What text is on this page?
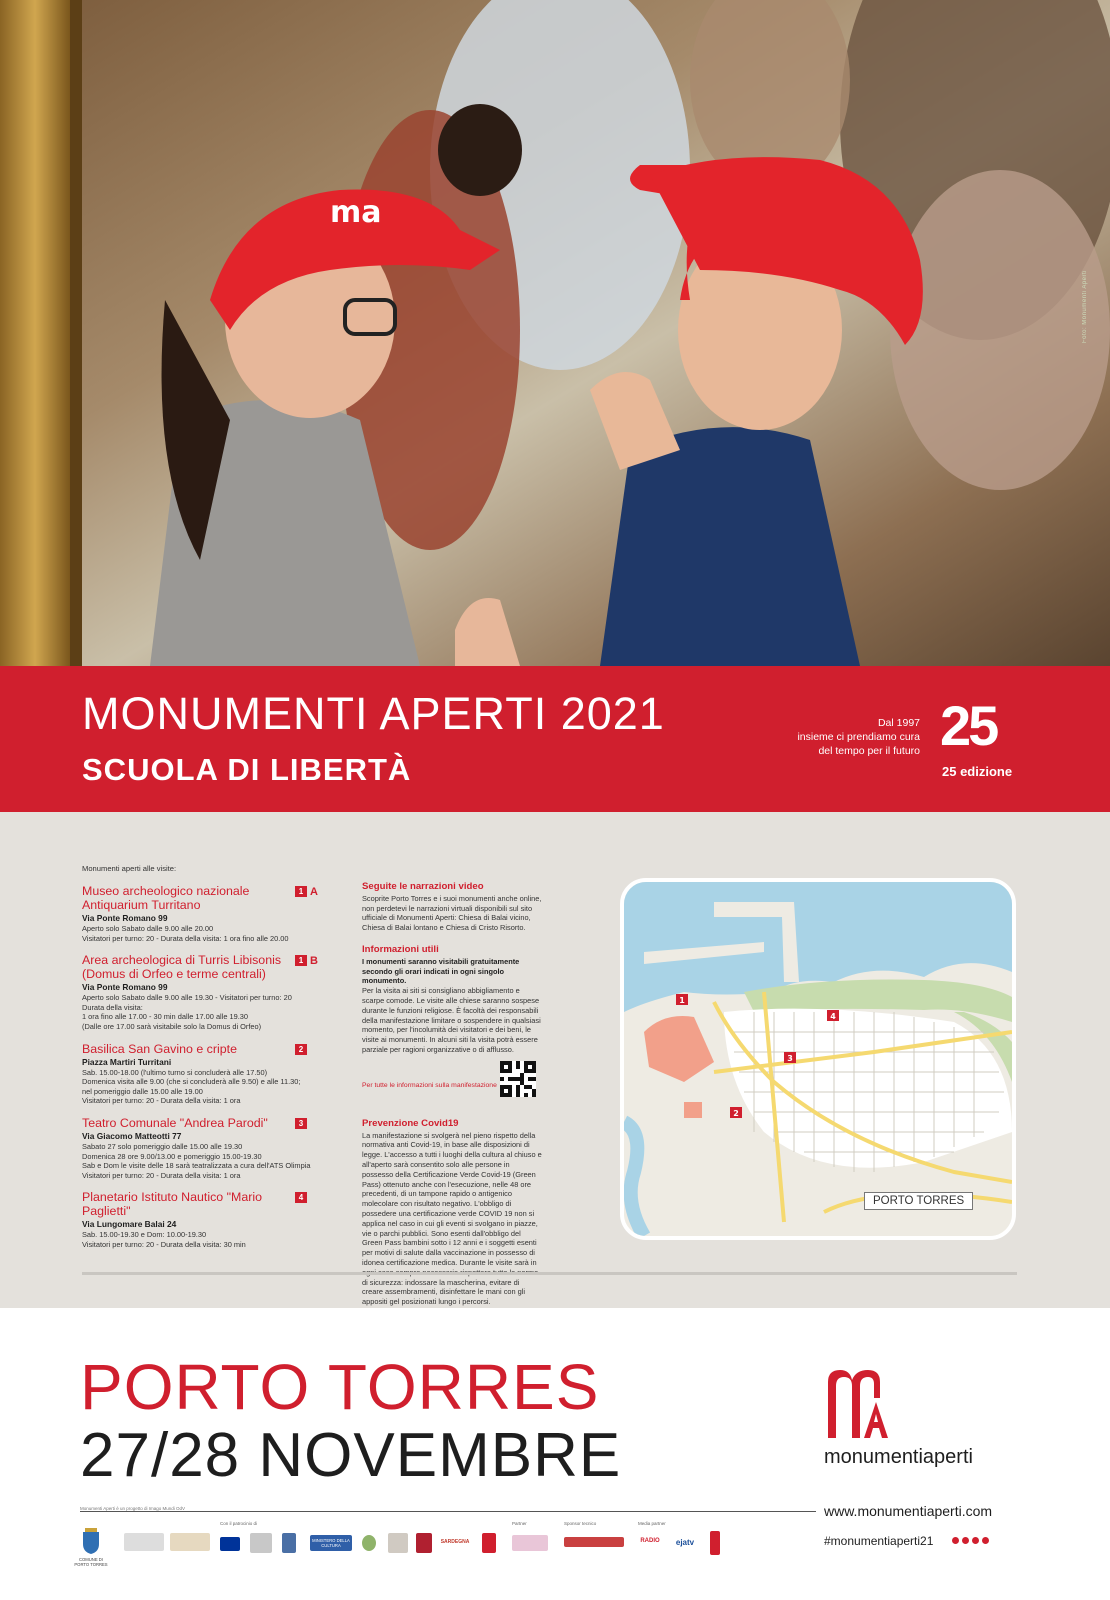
ma
Foto: Monumenti Aperti
MONUMENTI APERTI 2021
SCUOLA DI LIBERTÀ
Dal 1997
insieme ci prendiamo cura
del tempo per il futuro 25
25 edizione
Monumenti aperti alle visite:
Museo archeologico nazionale Antiquarium Turritano
1 A
Via Ponte Romano 99
Aperto solo Sabato dalle 9.00 alle 20.00
Visitatori per turno: 20 - Durata della visita: 1 ora fino alle 20.00
Area archeologica di Turris Libisonis (Domus di Orfeo e terme centrali)
1 B
Via Ponte Romano 99
Aperto solo Sabato dalle 9.00 alle 19.30 - Visitatori per turno: 20
Durata della visita:
1 ora fino alle 17.00 - 30 min dalle 17.00 alle 19.30
(Dalle ore 17.00 sarà visitabile solo la Domus di Orfeo)
Basilica San Gavino e cripte	2
Piazza Martiri Turritani
Sab. 15.00-18.00 (l'ultimo turno si concluderà alle 17.50)
Domenica visita alle 9.00 (che si concluderà alle 9.50) e alle 11.30;
nel pomeriggio dalle 15.00 alle 19.00
Visitatori per turno: 20 - Durata della visita: 1 ora
Teatro Comunale "Andrea Parodi"	3
Via Giacomo Matteotti 77
Sabato 27 solo pomeriggio dalle 15.00 alle 19.30
Domenica 28 ore 9.00/13.00 e pomeriggio 15.00-19.30
Sab e Dom le visite delle 18 sarà teatralizzata a cura dell'ATS Olimpia
Visitatori per turno: 20 - Durata della visita: 1 ora
Planetario Istituto Nautico "Mario Paglietti"
4
Via Lungomare Balai 24
Sab. 15.00-19.30 e Dom: 10.00-19.30
Visitatori per turno: 20 - Durata della visita: 30 min
Seguite le narrazioni video

Scoprite Porto Torres e i suoi monumenti anche online, non perdetevi le narrazioni virtuali disponibili sul sito ufficiale di Monumenti Aperti: Chiesa di Balai vicino, Chiesa di Balai lontano e Chiesa di Cristo Risorto.

Informazioni utili

I monumenti saranno visitabili gratuitamente secondo gli orari indicati in ogni singolo monumento.

Per la visita ai siti si consigliano abbigliamento e scarpe comode. Le visite alle chiese saranno sospese durante le funzioni religiose. È facoltà dei responsabili della manifestazione limitare o sospendere in qualsiasi momento, per l'incolumità dei visitatori e dei beni, le visite ai monumenti. In alcuni siti la visita potrà essere parziale per ragioni organizzative o di afflusso.

Per tutte le informazioni sulla manifestazione
Prevenzione Covid19

La manifestazione si svolgerà nel pieno rispetto della normativa anti Covid-19, in base alle disposizioni di legge. L'accesso a tutti i luoghi della cultura al chiuso e all'aperto sarà consentito solo alle persone in possesso della Certificazione Verde Covid-19 (Green Pass) ottenuto anche con l'esecuzione, nelle 48 ore precedenti, di un tampone rapido o antigenico molecolare con risultato negativo. L'obbligo di possedere una certificazione verde COVID 19 non si applica nel caso in cui gli eventi si svolgano in piazze, vie o parchi pubblici. Sono esenti dall'obbligo del Green Pass bambini sotto i 12 anni e i soggetti esenti per motivi di salute dalla vaccinazione in possesso di idonea certificazione medica. Durante le visite sarà in di sicurezza: indossare la mascherina, evitare di creare assembramenti, disinfettare le mani con gli appositi gel posizionati lungo i percorsi.

1
2
3
4
PORTO TORRES
PORTO TORRES
27/28 NOVEMBRE	monumentiaperti
Monumenti Aperti è un progetto di Imago Mundi OdV	www.monumentiaperti.com
#monumentiaperti21
COMUNE DI PORTO TORRES
Con il patrocinio di
MINISTERO DELLA CULTURA
SARDEGNA
Partner	Sponsor tecnico	Media partner
RADIO	ejatv
